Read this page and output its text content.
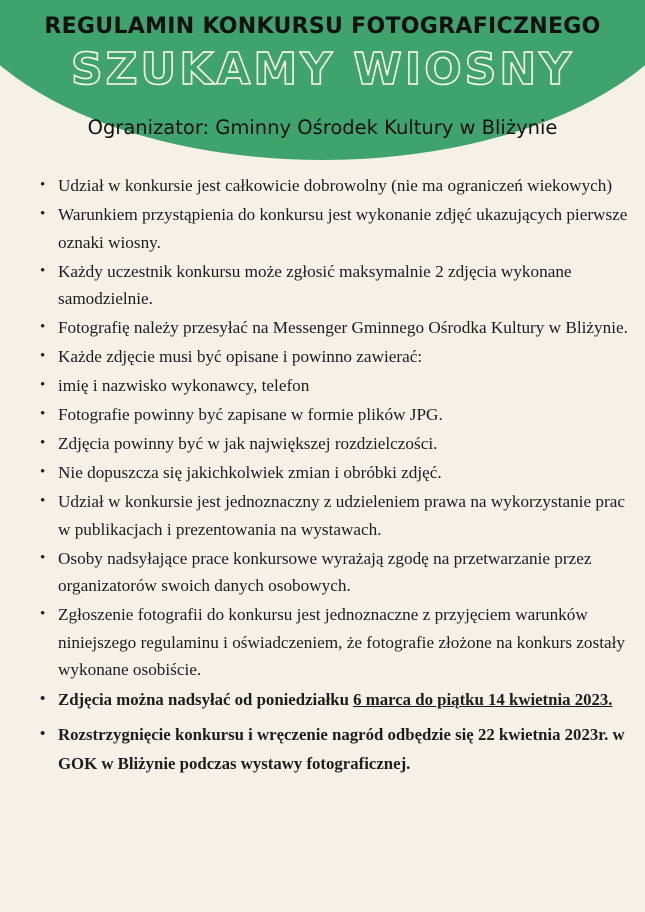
REGULAMIN KONKURSU FOTOGRAFICZNEGO
SZUKAMY WIOSNY

Ogranizator: Gminny Ośrodek Kultury w Bliżynie

• Udział w konkursie jest całkowicie dobrowolny (nie ma ograniczeń wiekowych)
• Warunkiem przystąpienia do konkursu jest wykonanie zdjęć ukazujących pierwsze oznaki wiosny.
• Każdy uczestnik konkursu może zgłosić maksymalnie 2 zdjęcia wykonane samodzielnie.
• Fotografię należy przesyłać na Messenger Gminnego Ośrodka Kultury w Bliżynie.
• Każde zdjęcie musi być opisane i powinno zawierać:
• imię i nazwisko wykonawcy, telefon
• Fotografie powinny być zapisane w formie plików JPG.
• Zdjęcia powinny być w jak największej rozdzielczości.
• Nie dopuszcza się jakichkolwiek zmian i obróbki zdjęć.
• Udział w konkursie jest jednoznaczny z udzieleniem prawa na wykorzystanie prac w publikacjach i prezentowania na wystawach.
• Osoby nadsyłające prace konkursowe wyrażają zgodę na przetwarzanie przez organizatorów swoich danych osobowych.
• Zgłoszenie fotografii do konkursu jest jednoznaczne z przyjęciem warunków niniejszego regulaminu i oświadczeniem, że fotografie złożone na konkurs zostały wykonane osobiście.
• Zdjęcia można nadsyłać od poniedziałku 6 marca do piątku 14 kwietnia 2023.
• Rozstrzygnięcie konkursu i wręczenie nagród odbędzie się 22 kwietnia 2023r. w GOK w Bliżynie podczas wystawy fotograficznej.
